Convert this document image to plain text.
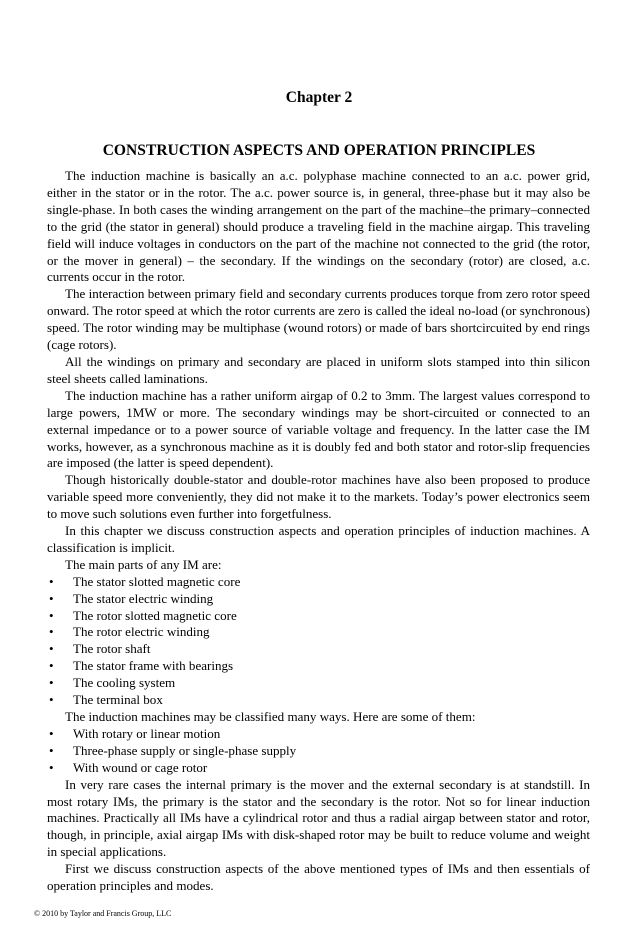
Chapter 2
CONSTRUCTION ASPECTS AND OPERATION PRINCIPLES

The induction machine is basically an a.c. polyphase machine connected to an a.c. power grid, either in the stator or in the rotor. The a.c. power source is, in general, three-phase but it may also be single-phase. In both cases the winding arrangement on the part of the machine–the primary–connected to the grid (the stator in general) should produce a traveling field in the machine airgap. This traveling field will induce voltages in conductors on the part of the machine not connected to the grid (the rotor, or the mover in general) – the secondary. If the windings on the secondary (rotor) are closed, a.c. currents occur in the rotor.

The interaction between primary field and secondary currents produces torque from zero rotor speed onward. The rotor speed at which the rotor currents are zero is called the ideal no-load (or synchronous) speed. The rotor winding may be multiphase (wound rotors) or made of bars shortcircuited by end rings (cage rotors).

All the windings on primary and secondary are placed in uniform slots stamped into thin silicon steel sheets called laminations.

The induction machine has a rather uniform airgap of 0.2 to 3mm. The largest values correspond to large powers, 1MW or more. The secondary windings may be short-circuited or connected to an external impedance or to a power source of variable voltage and frequency. In the latter case the IM works, however, as a synchronous machine as it is doubly fed and both stator and rotor-slip frequencies are imposed (the latter is speed dependent).

Though historically double-stator and double-rotor machines have also been proposed to produce variable speed more conveniently, they did not make it to the markets. Today’s power electronics seem to move such solutions even further into forgetfulness.

In this chapter we discuss construction aspects and operation principles of induction machines. A classification is implicit.

The main parts of any IM are:

• The stator slotted magnetic core
• The stator electric winding
• The rotor slotted magnetic core
• The rotor electric winding
• The rotor shaft
• The stator frame with bearings
• The cooling system
• The terminal box

The induction machines may be classified many ways. Here are some of them:

• With rotary or linear motion
• Three-phase supply or single-phase supply
• With wound or cage rotor

In very rare cases the internal primary is the mover and the external secondary is at standstill. In most rotary IMs, the primary is the stator and the secondary is the rotor. Not so for linear induction machines. Practically all IMs have a cylindrical rotor and thus a radial airgap between stator and rotor, though, in principle, axial airgap IMs with disk-shaped rotor may be built to reduce volume and weight in special applications.

First we discuss construction aspects of the above mentioned types of IMs and then essentials of operation principles and modes.

© 2010 by Taylor and Francis Group, LLC
